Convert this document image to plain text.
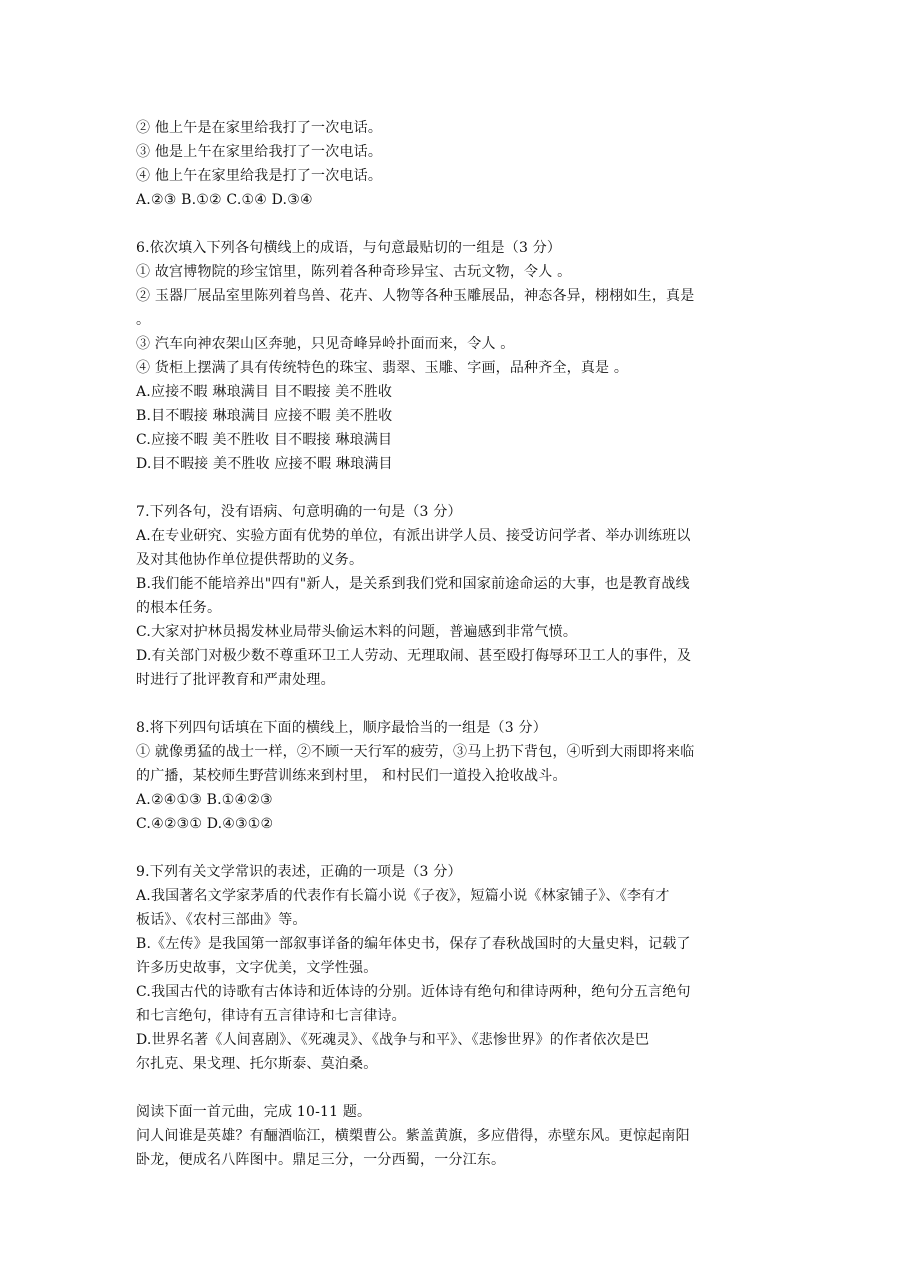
② 他上午是在家里给我打了一次电话。
③ 他是上午在家里给我打了一次电话。
④ 他上午在家里给我是打了一次电话。
A.②③ B.①② C.①④ D.③④
6.依次填入下列各句横线上的成语，与句意最贴切的一组是（3 分）
① 故宫博物院的珍宝馆里，陈列着各种奇珍异宝、古玩文物，令人 。
② 玉器厂展品室里陈列着鸟兽、花卉、人物等各种玉雕展品，神态各异，栩栩如生，真是
。
③ 汽车向神农架山区奔驰，只见奇峰异岭扑面而来，令人 。
④ 货柜上摆满了具有传统特色的珠宝、翡翠、玉雕、字画，品种齐全，真是 。
A.应接不暇 琳琅满目 目不暇接 美不胜收
B.目不暇接 琳琅满目 应接不暇 美不胜收
C.应接不暇 美不胜收 目不暇接 琳琅满目
D.目不暇接 美不胜收 应接不暇 琳琅满目
7.下列各句，没有语病、句意明确的一句是（3 分）
A.在专业研究、实验方面有优势的单位，有派出讲学人员、接受访问学者、举办训练班以
及对其他协作单位提供帮助的义务。
B.我们能不能培养出"四有"新人，是关系到我们党和国家前途命运的大事，也是教育战线
的根本任务。
C.大家对护林员揭发林业局带头偷运木料的问题，普遍感到非常气愤。
D.有关部门对极少数不尊重环卫工人劳动、无理取闹、甚至殴打侮辱环卫工人的事件，及
时进行了批评教育和严肃处理。
8.将下列四句话填在下面的横线上，顺序最恰当的一组是（3 分）
① 就像勇猛的战士一样，②不顾一天行军的疲劳，③马上扔下背包，④听到大雨即将来临
的广播，某校师生野营训练来到村里， 和村民们一道投入抢收战斗。
A.②④①③ B.①④②③
C.④②③① D.④③①②
9.下列有关文学常识的表述，正确的一项是（3 分）
A.我国著名文学家茅盾的代表作有长篇小说《子夜》，短篇小说《林家铺子》、《李有才
板话》、《农村三部曲》等。
B.《左传》是我国第一部叙事详备的编年体史书，保存了春秋战国时的大量史料，记载了
许多历史故事，文字优美，文学性强。
C.我国古代的诗歌有古体诗和近体诗的分别。近体诗有绝句和律诗两种，绝句分五言绝句
和七言绝句，律诗有五言律诗和七言律诗。
D.世界名著《人间喜剧》、《死魂灵》、《战争与和平》、《悲惨世界》的作者依次是巴
尔扎克、果戈理、托尔斯泰、莫泊桑。
阅读下面一首元曲，完成 10-11 题。
问人间谁是英雄？有酾酒临江，横槊曹公。紫盖黄旗，多应借得，赤壁东风。更惊起南阳
卧龙，便成名八阵图中。鼎足三分，一分西蜀，一分江东。
